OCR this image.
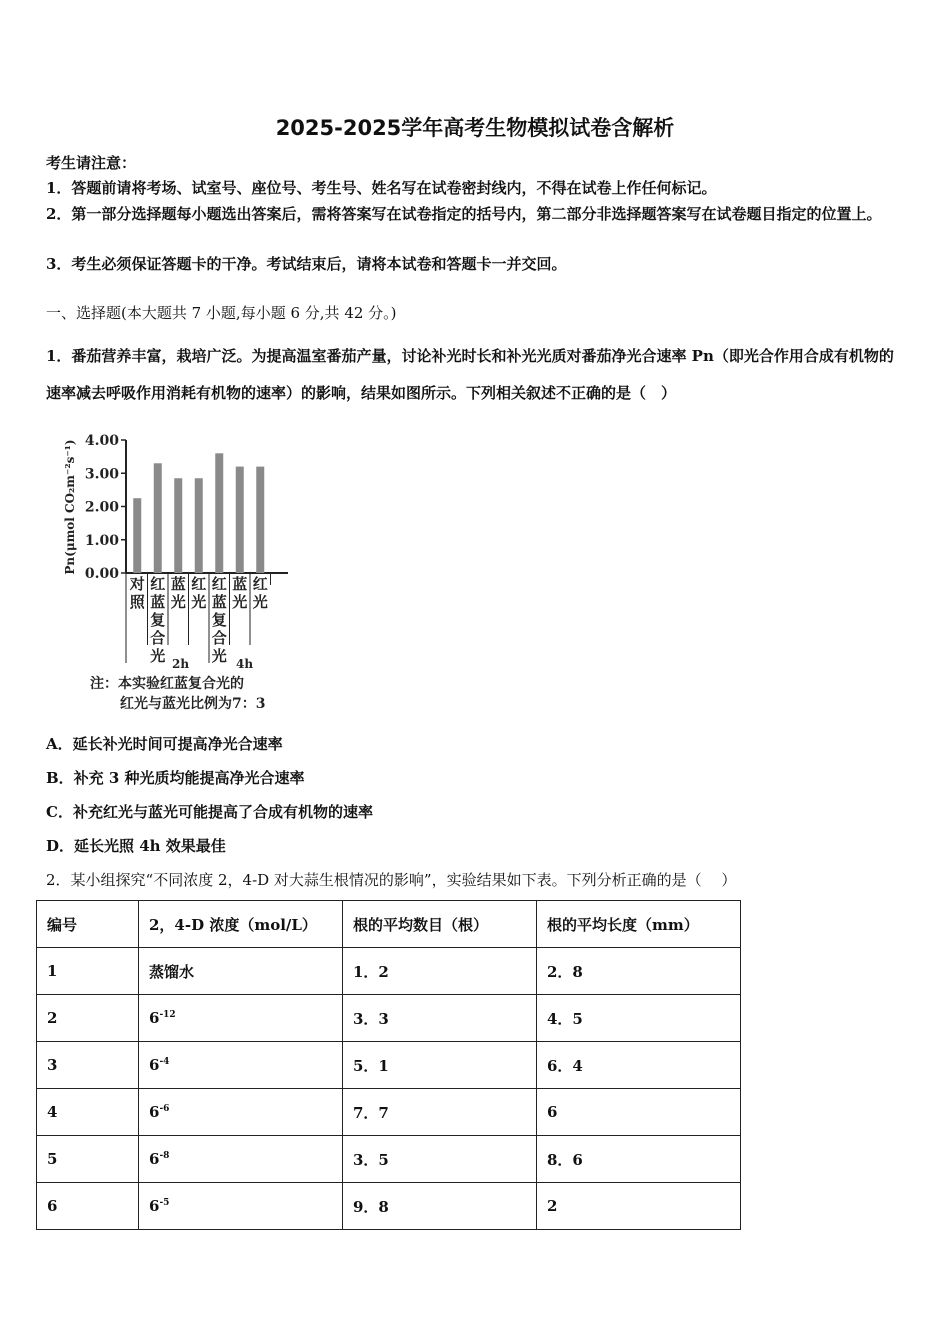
2025-2025学年高考生物模拟试卷含解析
考生请注意：
1．答题前请将考场、试室号、座位号、考生号、姓名写在试卷密封线内，不得在试卷上作任何标记。
2．第一部分选择题每小题选出答案后，需将答案写在试卷指定的括号内，第二部分非选择题答案写在试卷题目指定的位置上。
3．考生必须保证答题卡的干净。考试结束后，请将本试卷和答题卡一并交回。
一、选择题(本大题共 7 小题,每小题 6 分,共 42 分。)
1．番茄营养丰富，栽培广泛。为提高温室番茄产量，讨论补光时长和补光光质对番茄净光合速率 Pn（即光合作用合成有机物的速率减去呼吸作用消耗有机物的速率）的影响，结果如图所示。下列相关叙述不正确的是（　）
Pn(μmol CO₂m⁻²s⁻¹) 4.00
3.00
2.00
1.00
0.00
对照
红蓝复合光
蓝光
红光
红蓝复合光
蓝光
红光
2h	4h
注：本实验红蓝复合光的
红光与蓝光比例为7：3
A．延长补光时间可提高净光合速率
B．补充 3 种光质均能提高净光合速率
C．补充红光与蓝光可能提高了合成有机物的速率
D．延长光照 4h 效果最佳
2．某小组探究“不同浓度 2，4-D 对大蒜生根情况的影响”，实验结果如下表。下列分析正确的是（　 ）
编号	2，4-D 浓度（mol/L）	根的平均数目（根）	根的平均长度（mm）
1	蒸馏水	1．2	2．8
2	$6^{-12}$	3．3	4．5
3	$6^{-4}$	5．1	6．4
4	$6^{-6}$	7．7	6
5	$6^{-8}$	3．5	8．6
6	$6^{-5}$	9．8	2
